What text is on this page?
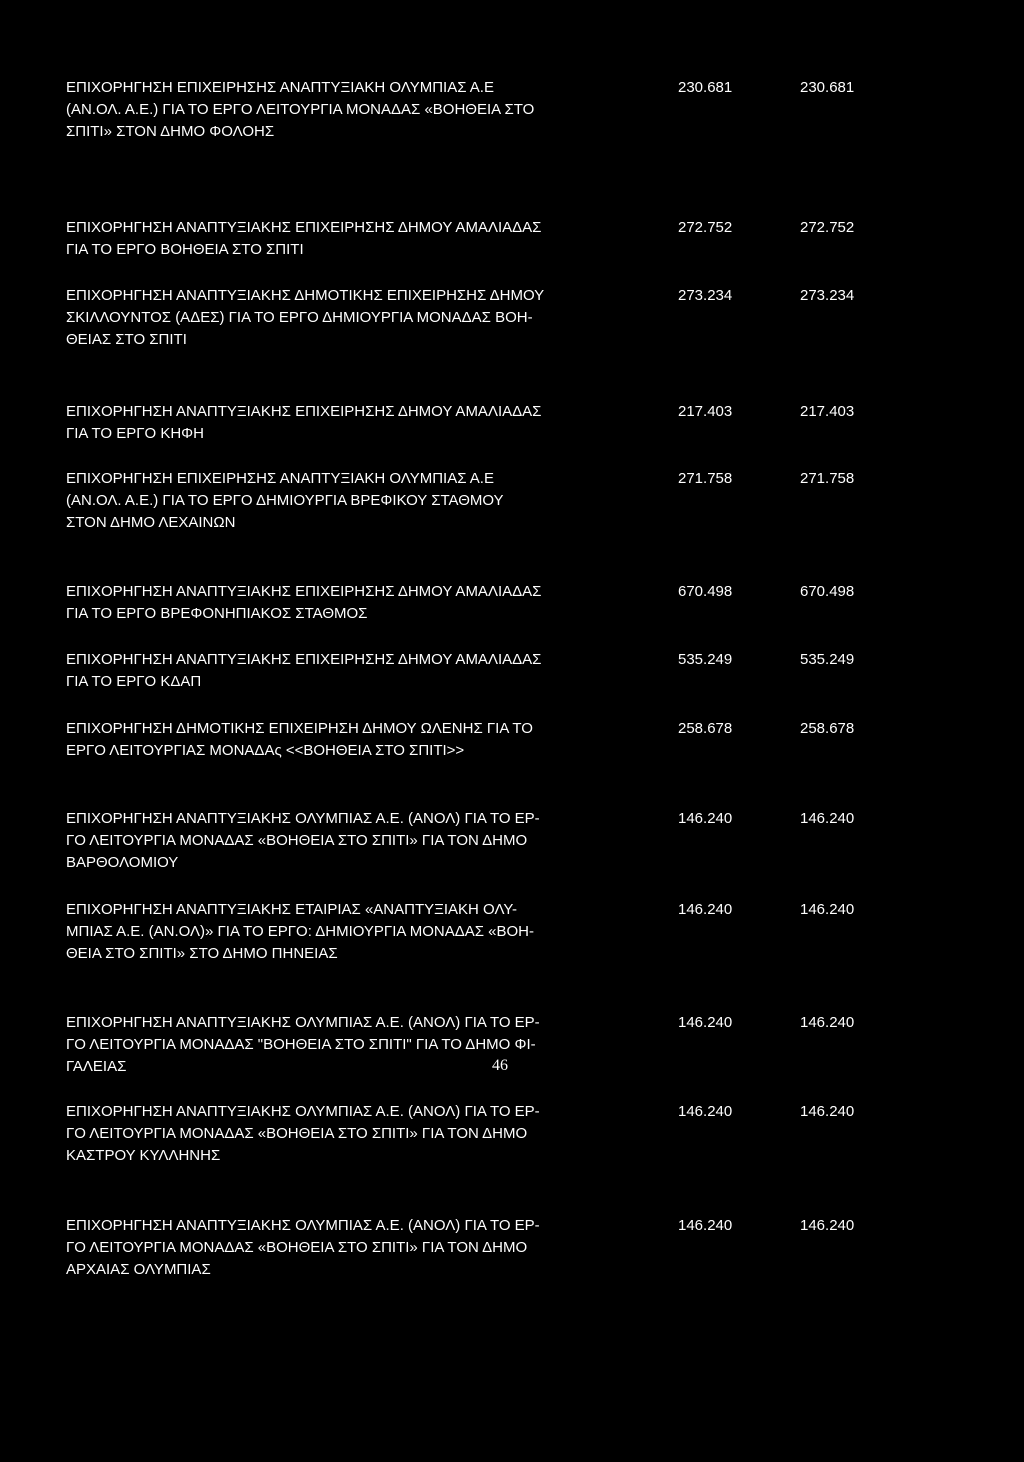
ΕΠΙΧΟΡΗΓΗΣΗ ΕΠΙΧΕΙΡΗΣΗΣ ΑΝΑΠΤΥΞΙΑΚΗ ΟΛΥΜΠΙΑΣ Α.Ε
(ΑΝ.ΟΛ. Α.Ε.) ΓΙΑ ΤΟ ΕΡΓΟ ΛΕΙΤΟΥΡΓΙΑ ΜΟΝΑΔΑΣ «ΒΟΗΘΕΙΑ ΣΤΟ
ΣΠΙΤΙ» ΣΤΟΝ ΔΗΜΟ ΦΟΛΟΗΣ
230.681	230.681
ΕΠΙΧΟΡΗΓΗΣΗ ΑΝΑΠΤΥΞΙΑΚΗΣ ΕΠΙΧΕΙΡΗΣΗΣ ΔΗΜΟΥ ΑΜΑΛΙΑΔΑΣ
ΓΙΑ ΤΟ ΕΡΓΟ ΒΟΗΘΕΙΑ ΣΤΟ ΣΠΙΤΙ
272.752	272.752
ΕΠΙΧΟΡΗΓΗΣΗ ΑΝΑΠΤΥΞΙΑΚΗΣ ΔΗΜΟΤΙΚΗΣ ΕΠΙΧΕΙΡΗΣΗΣ ΔΗΜΟΥ
ΣΚΙΛΛΟΥΝΤΟΣ (ΑΔΕΣ) ΓΙΑ ΤΟ ΕΡΓΟ ΔΗΜΙΟΥΡΓΙΑ ΜΟΝΑΔΑΣ ΒΟΗ-
ΘΕΙΑΣ ΣΤΟ ΣΠΙΤΙ
273.234	273.234
ΕΠΙΧΟΡΗΓΗΣΗ ΑΝΑΠΤΥΞΙΑΚΗΣ ΕΠΙΧΕΙΡΗΣΗΣ ΔΗΜΟΥ ΑΜΑΛΙΑΔΑΣ
ΓΙΑ ΤΟ ΕΡΓΟ ΚΗΦΗ
217.403	217.403
ΕΠΙΧΟΡΗΓΗΣΗ ΕΠΙΧΕΙΡΗΣΗΣ ΑΝΑΠΤΥΞΙΑΚΗ ΟΛΥΜΠΙΑΣ Α.Ε
(ΑΝ.ΟΛ. Α.Ε.) ΓΙΑ ΤΟ ΕΡΓΟ ΔΗΜΙΟΥΡΓΙΑ ΒΡΕΦΙΚΟΥ ΣΤΑΘΜΟΥ
ΣΤΟΝ ΔΗΜΟ ΛΕΧΑΙΝΩΝ
271.758	271.758
ΕΠΙΧΟΡΗΓΗΣΗ ΑΝΑΠΤΥΞΙΑΚΗΣ ΕΠΙΧΕΙΡΗΣΗΣ ΔΗΜΟΥ ΑΜΑΛΙΑΔΑΣ
ΓΙΑ ΤΟ ΕΡΓΟ ΒΡΕΦΟΝΗΠΙΑΚΟΣ ΣΤΑΘΜΟΣ
670.498	670.498
ΕΠΙΧΟΡΗΓΗΣΗ ΑΝΑΠΤΥΞΙΑΚΗΣ ΕΠΙΧΕΙΡΗΣΗΣ ΔΗΜΟΥ ΑΜΑΛΙΑΔΑΣ
ΓΙΑ ΤΟ ΕΡΓΟ ΚΔΑΠ
535.249	535.249
ΕΠΙΧΟΡΗΓΗΣΗ ΔΗΜΟΤΙΚΗΣ ΕΠΙΧΕΙΡΗΣΗ ΔΗΜΟΥ ΩΛΕΝΗΣ ΓΙΑ ΤΟ
ΕΡΓΟ ΛΕΙΤΟΥΡΓΙΑΣ ΜΟΝΑΔΑς <<ΒΟΗΘΕΙΑ ΣΤΟ ΣΠΙΤΙ>>
258.678	258.678
ΕΠΙΧΟΡΗΓΗΣΗ ΑΝΑΠΤΥΞΙΑΚΗΣ ΟΛΥΜΠΙΑΣ Α.Ε. (ΑΝΟΛ) ΓΙΑ ΤΟ ΕΡ-
ΓΟ ΛΕΙΤΟΥΡΓΙΑ ΜΟΝΑΔΑΣ «ΒΟΗΘΕΙΑ ΣΤΟ ΣΠΙΤΙ» ΓΙΑ ΤΟΝ ΔΗΜΟ
ΒΑΡΘΟΛΟΜΙΟΥ
146.240	146.240
ΕΠΙΧΟΡΗΓΗΣΗ ΑΝΑΠΤΥΞΙΑΚΗΣ ΕΤΑΙΡΙΑΣ «ΑΝΑΠΤΥΞΙΑΚΗ ΟΛΥ-
ΜΠΙΑΣ Α.Ε. (ΑΝ.ΟΛ)» ΓΙΑ ΤΟ ΕΡΓΟ: ΔΗΜΙΟΥΡΓΙΑ ΜΟΝΑΔΑΣ «ΒΟΗ-
ΘΕΙΑ ΣΤΟ ΣΠΙΤΙ» ΣΤΟ ΔΗΜΟ ΠΗΝΕΙΑΣ
146.240	146.240
ΕΠΙΧΟΡΗΓΗΣΗ ΑΝΑΠΤΥΞΙΑΚΗΣ ΟΛΥΜΠΙΑΣ Α.Ε. (ΑΝΟΛ) ΓΙΑ ΤΟ ΕΡ-
ΓΟ ΛΕΙΤΟΥΡΓΙΑ ΜΟΝΑΔΑΣ "ΒΟΗΘΕΙΑ ΣΤΟ ΣΠΙΤΙ" ΓΙΑ ΤΟ ΔΗΜΟ ΦΙ-
ΓΑΛΕΙΑΣ
146.240	146.240
ΕΠΙΧΟΡΗΓΗΣΗ ΑΝΑΠΤΥΞΙΑΚΗΣ ΟΛΥΜΠΙΑΣ Α.Ε. (ΑΝΟΛ) ΓΙΑ ΤΟ ΕΡ-
ΓΟ ΛΕΙΤΟΥΡΓΙΑ ΜΟΝΑΔΑΣ «ΒΟΗΘΕΙΑ ΣΤΟ ΣΠΙΤΙ» ΓΙΑ ΤΟΝ ΔΗΜΟ
ΚΑΣΤΡΟΥ ΚΥΛΛΗΝΗΣ
146.240	146.240
ΕΠΙΧΟΡΗΓΗΣΗ ΑΝΑΠΤΥΞΙΑΚΗΣ ΟΛΥΜΠΙΑΣ Α.Ε. (ΑΝΟΛ) ΓΙΑ ΤΟ ΕΡ-
ΓΟ ΛΕΙΤΟΥΡΓΙΑ ΜΟΝΑΔΑΣ «ΒΟΗΘΕΙΑ ΣΤΟ ΣΠΙΤΙ» ΓΙΑ ΤΟΝ ΔΗΜΟ
ΑΡΧΑΙΑΣ ΟΛΥΜΠΙΑΣ
146.240	146.240
46
